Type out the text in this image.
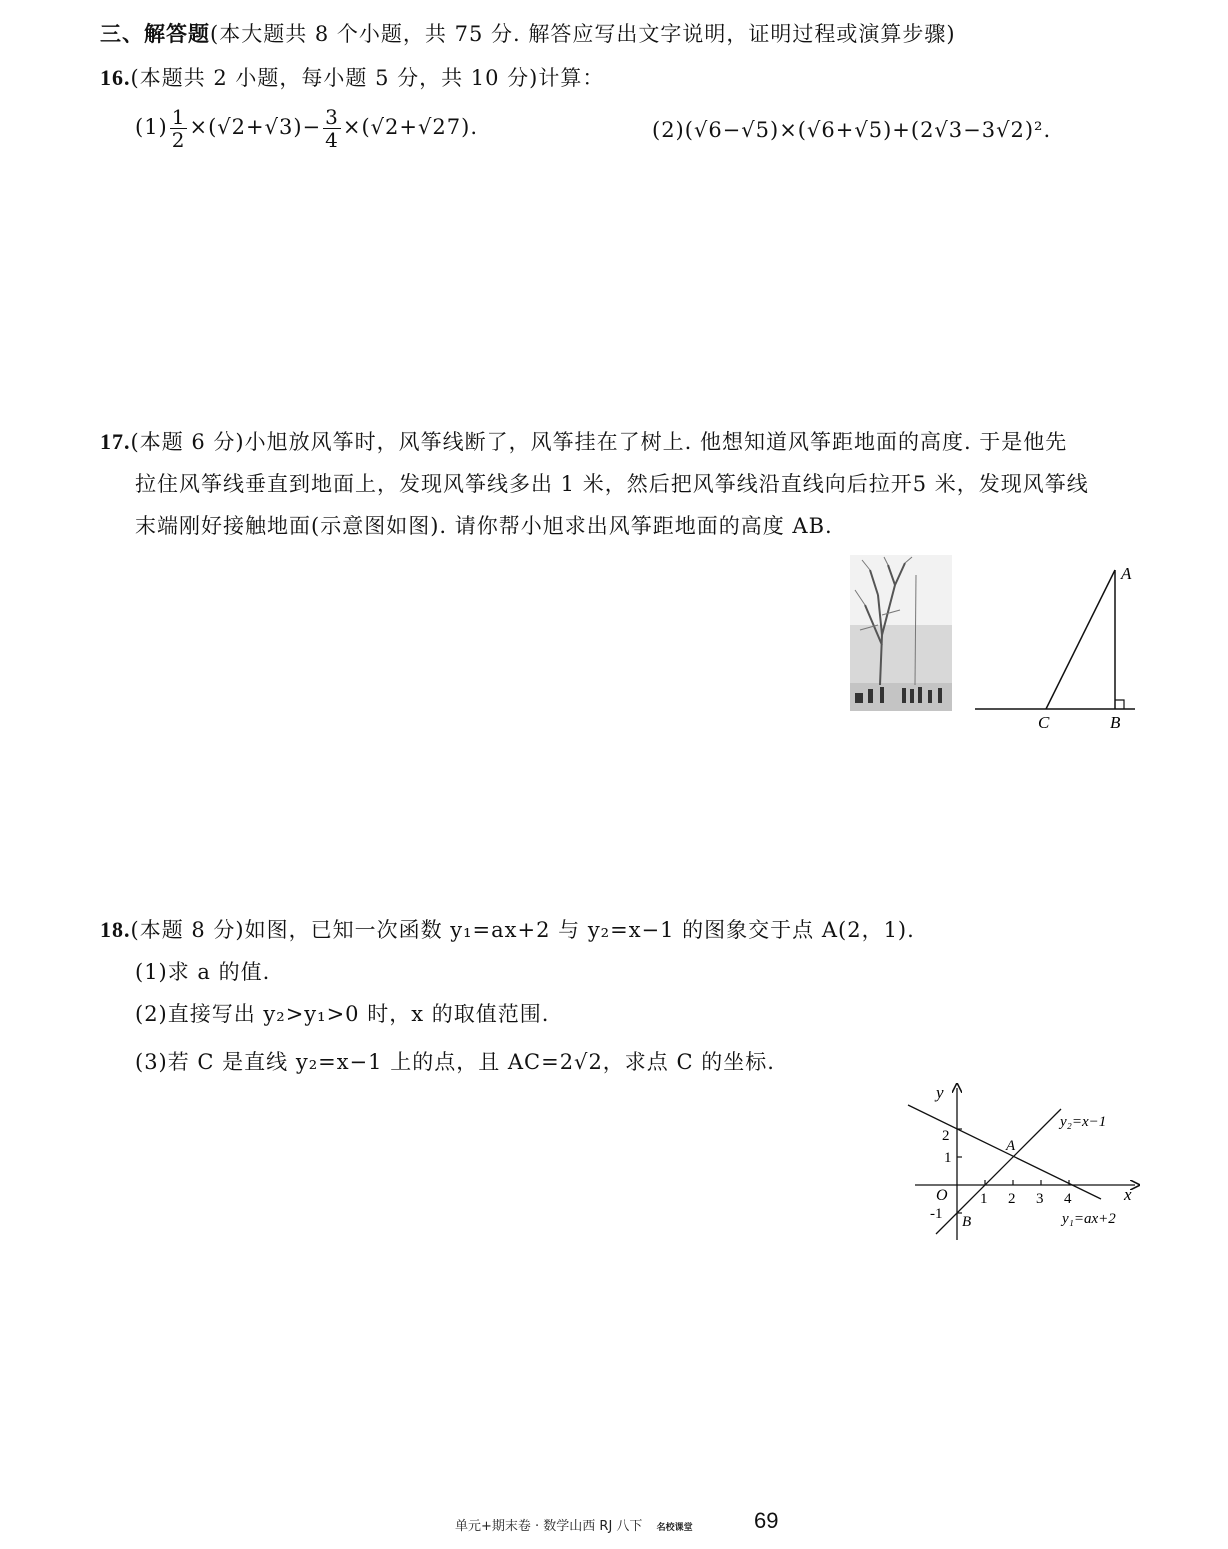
三、解答题(本大题共 8 个小题，共 75 分. 解答应写出文字说明，证明过程或演算步骤)
16.(本题共 2 小题，每小题 5 分，共 10 分)计算：
$(1) \frac{1}{2} \times(√2+√3)- \frac{3}{4} \times(√2+√27)$.	(2)(√6−√5)×(√6+√5)+(2√3−3√2)².
17.(本题 6 分)小旭放风筝时，风筝线断了，风筝挂在了树上. 他想知道风筝距地面的高度. 于是他先
拉住风筝线垂直到地面上，发现风筝线多出 1 米，然后把风筝线沿直线向后拉开5 米，发现风筝线
末端刚好接触地面(示意图如图). 请你帮小旭求出风筝距地面的高度 AB.
A
B
C
18.(本题 8 分)如图，已知一次函数 y₁=ax+2 与 y₂=x−1 的图象交于点 A(2，1).
(1)求 a 的值.
(2)直接写出 y₂>y₁>0 时，x 的取值范围.
(3)若 C 是直线 y₂=x−1 上的点，且 AC=2√2，求点 C 的坐标.
y
x
O 1 2 3 4
2
1
-1
A
B
y₂=x−1
y₁=ax+2
单元+期末卷 · 数学山西 RJ 八下 名校课堂	69
